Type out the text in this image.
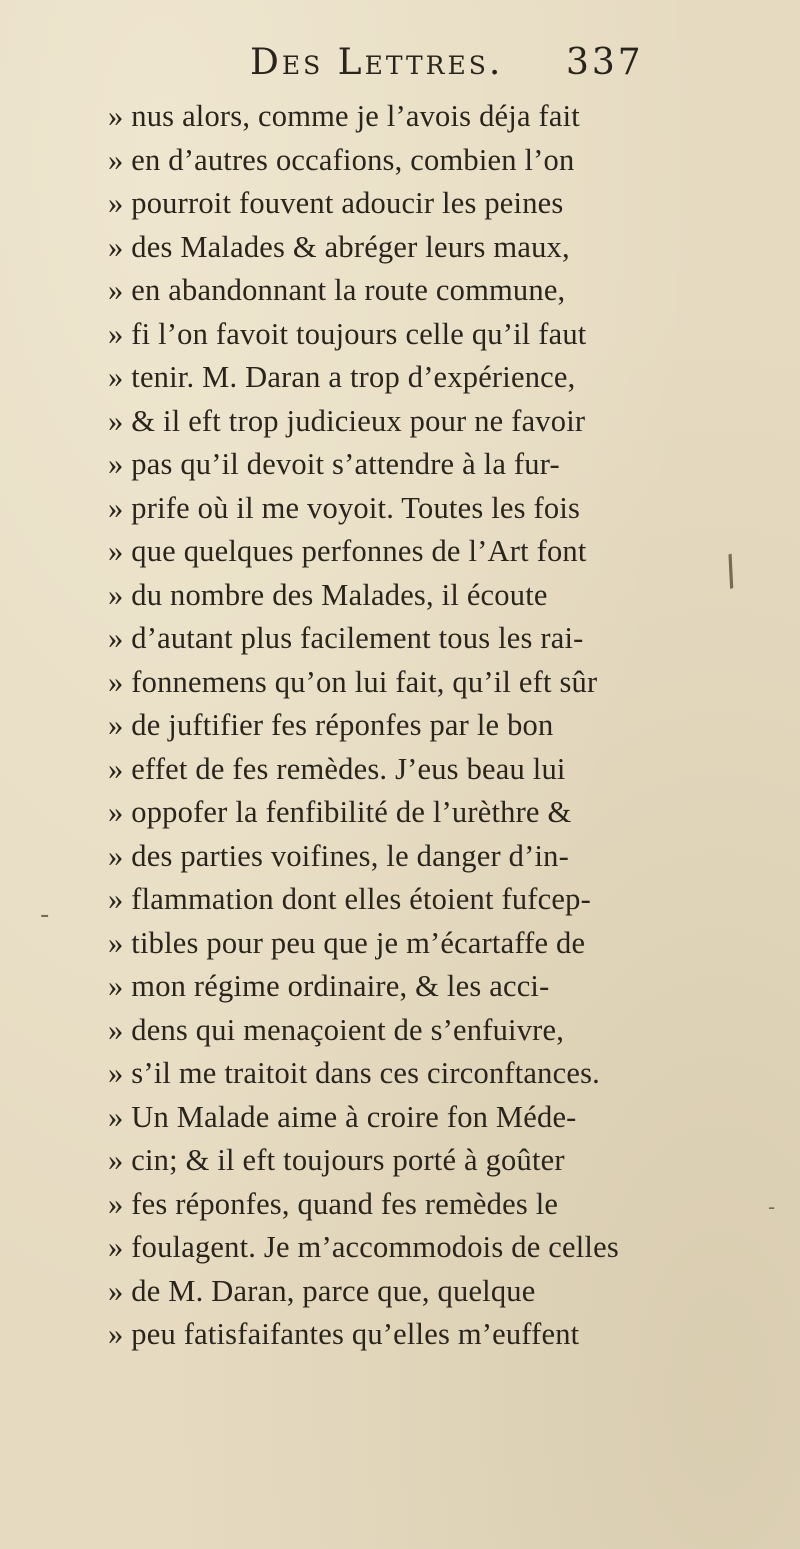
Des Lettres. 337
» nus alors, comme je l’avois déja fait
» en d’autres occafions, combien l’on
» pourroit fouvent adoucir les peines
» des Malades & abréger leurs maux,
» en abandonnant la route commune,
» fi l’on favoit toujours celle qu’il faut
» tenir. M. Daran a trop d’expérience,
» & il eft trop judicieux pour ne favoir
» pas qu’il devoit s’attendre à la fur-
» prife où il me voyoit. Toutes les fois
» que quelques perfonnes de l’Art font
» du nombre des Malades, il écoute
» d’autant plus facilement tous les rai-
» fonnemens qu’on lui fait, qu’il eft sûr
» de juftifier fes réponfes par le bon
» effet de fes remèdes. J’eus beau lui
» oppofer la fenfibilité de l’urèthre &
» des parties voifines, le danger d’in-
» flammation dont elles étoient fufcep-
» tibles pour peu que je m’écartaffe de
» mon régime ordinaire, & les acci-
» dens qui menaçoient de s’enfuivre,
» s’il me traitoit dans ces circonftances.
» Un Malade aime à croire fon Méde-
» cin; & il eft toujours porté à goûter
» fes réponfes, quand fes remèdes le
» foulagent. Je m’accommodois de celles
» de M. Daran, parce que, quelque
» peu fatisfaifantes qu’elles m’euffent
/
-
-
